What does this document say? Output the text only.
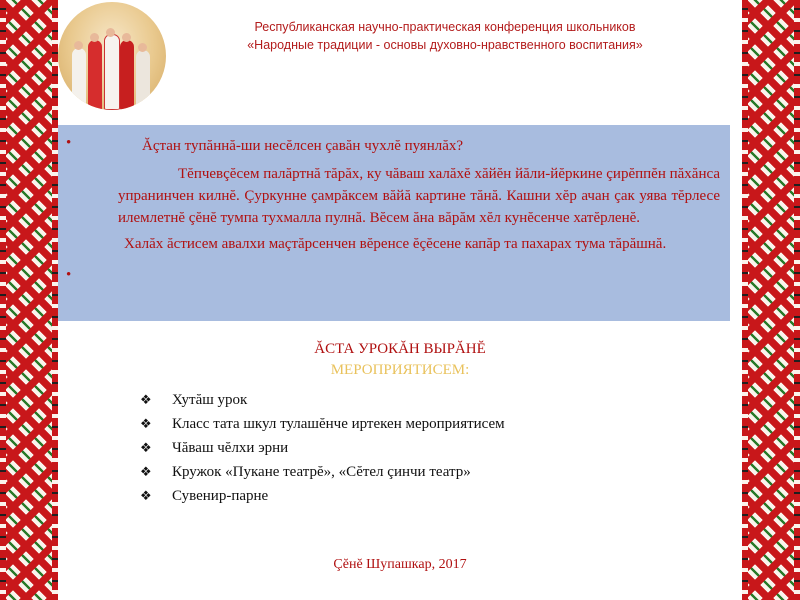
Республиканская научно-практическая конференция школьников
«Народные традиции - основы духовно-нравственного воспитания»
•
•
Ăçтан тупăннă-ши несĕлсен çавăн чухлĕ пуянлăх?
Тĕпчевçĕсем палăртнă тăрăх, ку чăваш халăхĕ хăйĕн йăли-йĕркине çирĕппĕн пăхăнса упранинчен килнĕ. Çуркунне çамрăксем вăйă картине тăнă. Кашни хĕр ачан çак уява тĕрлесе илемлетнĕ çĕнĕ тумпа тухмалла пулнă. Вĕсем ăна вăрăм хĕл кунĕсенче хатĕрленĕ.
Халăх ăстисем авалхи маçтăрсенчен вĕренсе ĕçĕсене капăр та пахарах тума тăрăшнă.
ĂСТА УРОКĂН ВЫРĂНĔ
МЕРОПРИЯТИСЕМ:
❖	Хутăш урок
❖	Класс тата шкул тулашĕнче иртекен мероприятисем
❖	Чăваш чĕлхи эрни
❖	Кружок «Пукане театрĕ», «Сĕтел çинчи театр»
❖	Сувенир-парне
Çĕнĕ Шупашкар, 2017
